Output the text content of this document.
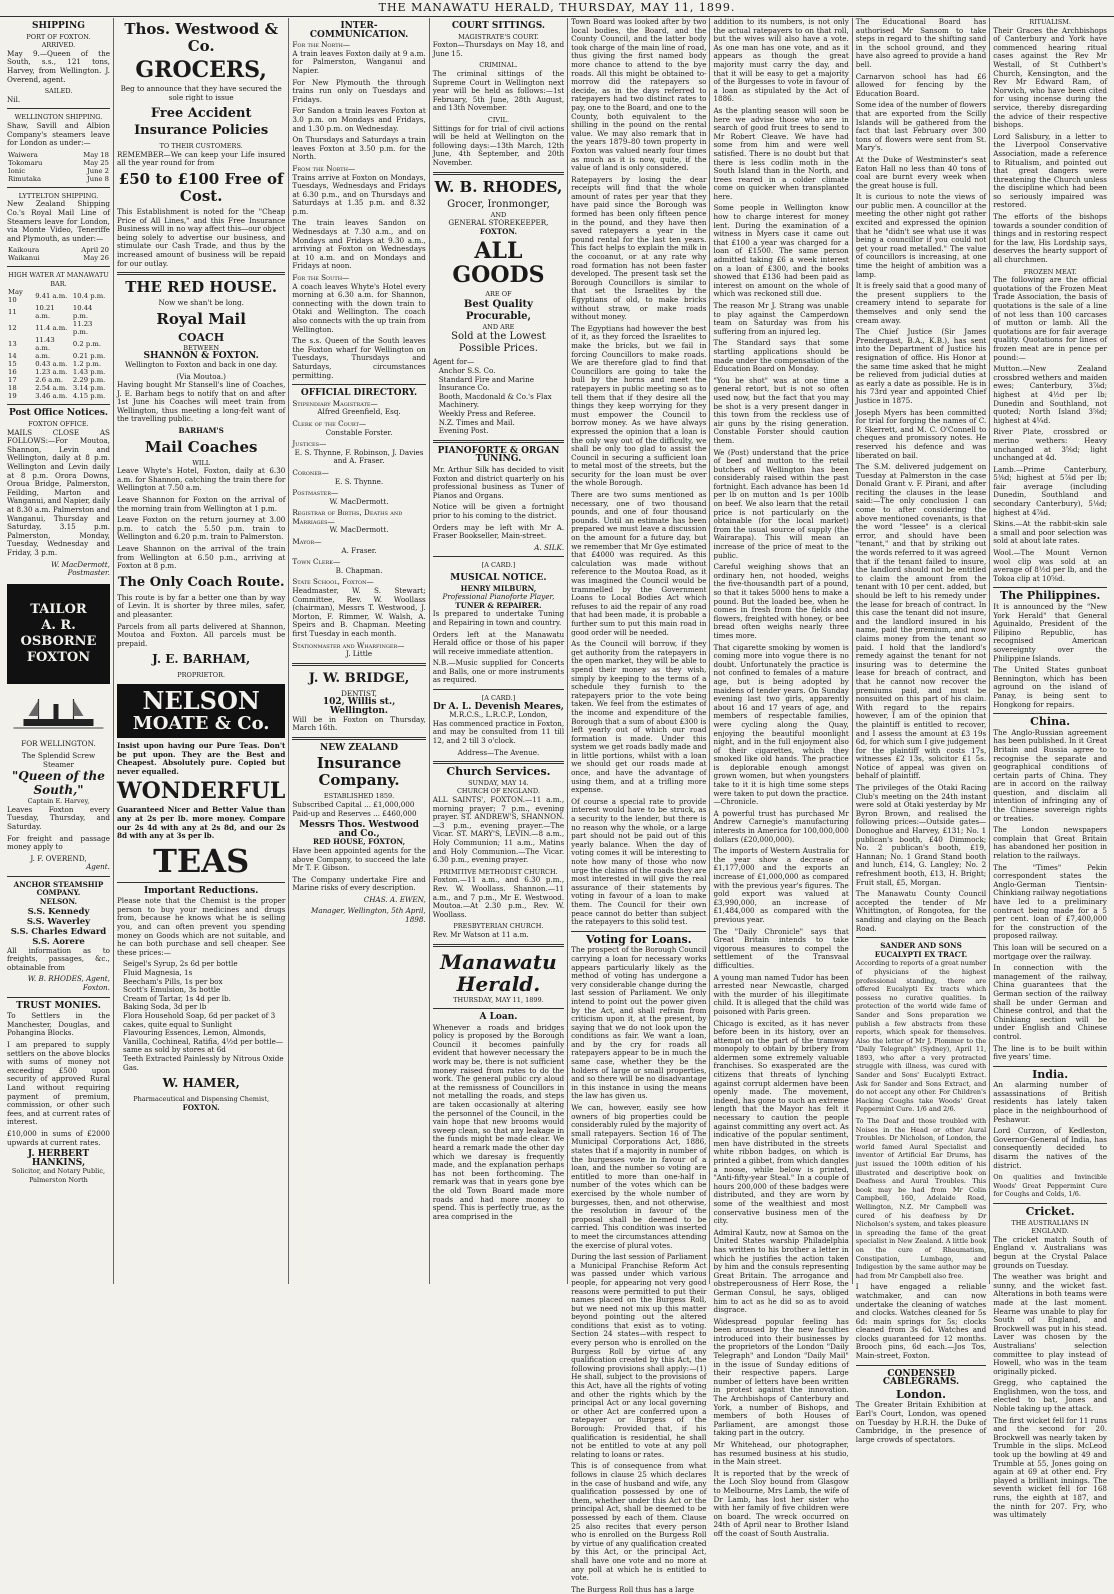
THE MANAWATU HERALD, THURSDAY, MAY 11, 1899.
SHIPPING
PORT OF FOXTON.
ARRIVED.

May 9.—Queen of the South, s.s., 121 tons, Harvey, from Wellington. J. Overend, agent.

SAILED.

Nil.

WELLINGTON SHIPPING.

Shaw, Savill and Albion Company's steamers leave for London as under:—

Waiwera	May 18
Tokomaru	May 25
Ionic	June 2
Rimutaka	June 8
LYTTELTON SHIPPING.

New Zealand Shipping Co.'s Royal Mail Line of Steamers leave for London, via Monte Video, Teneriffe and Plymouth, as under:—

Kaikoura	April 20
Waikanui	May 26
HIGH WATER AT MANAWATU BAR.
May 10	9.41 a.m.	10.4 p.m.
11	10.21 a.m.	10.44 p.m.
12	11.4 a.m.	11.23 p.m.
13	11.43 a.m.	0.2 p.m.
14	a.m.	0.21 p.m.
15	0.43 a.m.	1.2 p.m.
16	1.23 a.m.	1.43 p.m.
17	2.6 a.m.	2.29 p.m.
18	2.54 a.m.	3.14 p.m.
19	3.46 a.m.	4.15 p.m.
Post Office Notices.
FOXTON OFFICE.

MAILS CLOSE AS FOLLOWS:—For Moutoa, Shannon, Levin and Wellington, daily at 8 p.m. Wellington and Levin daily at 8 p.m. Orora Downs, Oroua Bridge, Palmerston, Feilding, Marton and Wanganui, and Napier, daily at 8.30 a.m. Palmerston and Wanganui, Thursday and Saturday, 3.15 p.m. Palmerston, Monday, Tuesday, Wednesday and Friday, 3 p.m.

W. MacDermott, Postmaster.
TAILOR
A. R. OSBORNE
FOXTON
FOR WELLINGTON.
The Splendid Screw Steamer
"Queen of the South,"
Captain E. Harvey,

Leaves Foxton every Tuesday, Thursday, and Saturday.

For freight and passage money apply to

J. F. OVEREND,
Agent.
ANCHOR STEAMSHIP COMPANY.
NELSON.
S.S. Kennedy
S.S. Waverley
S.S. Charles Edward
S.S. Aorere

All information as to freights, passages, &c., obtainable from

W. B. RHODES, Agent, Foxton.
TRUST MONIES.

To Settlers in the Manchester, Douglas, and Pohangina Blocks.

I am prepared to supply settlers on the above blocks with sums of money not exceeding £500 upon security of approved Rural Land without requiring payment of premium, commission, or other such fees, and at current rates of interest.

£10,000 in sums of £2000 upwards at current rates.

J. HERBERT HANKINS,
Solicitor, and Notary Public, Palmerston North
Thos. Westwood & Co.
GROCERS,

Beg to announce that they have secured the sole right to issue

Free Accident Insurance Policies
TO THEIR CUSTOMERS.

REMEMBER—We can keep your Life insured all the year round for from

£50 to £100 Free of Cost.

This Establishment is noted for the "Cheap Price of All Lines," and this Free Insurance Business will in no way affect this—our object being solely to advertise our business, and stimulate our Cash Trade, and thus by the increased amount of business will be repaid for our outlay.

THE RED HOUSE.
Now we shan't be long.
Royal Mail
COACH
BETWEEN
SHANNON & FOXTON.

Wellington to Foxton and back in one day.

(Via Moutoa.)

Having bought Mr Stansell's line of Coaches, J. E. Barham begs to notify that on and after 1st June his Coaches will meet train from Wellington, thus meeting a long-felt want of the travelling public.

BARHAM'S
Mail Coaches
WILL

Leave Whyte's Hotel, Foxton, daily at 6.30 a.m. for Shannon, catching the train there for Wellington at 7.50 a.m.

Leave Shannon for Foxton on the arrival of the morning train from Wellington at 1 p.m.

Leave Foxton on the return journey at 3.00 p.m. to catch the 5.50 p.m. train to Wellington and 6.20 p.m. train to Palmerston.

Leave Shannon on the arrival of the train from Wellington at 6.50 p.m., arriving at Foxton at 8 p.m.

The Only Coach Route.

This route is by far a better one than by way of Levin. It is shorter by three miles, safer, and pleasanter.

Parcels from all parts delivered at Shannon, Moutoa and Foxton. All parcels must be prepaid.

J. E. BARHAM,
PROPRIETOR.
NELSON
MOATE & Co.

Insist upon having our Pure Teas. Don't be put upon. They are the Best and Cheapest. Absolutely pure. Copied but never equalled.

WONDERFUL

Guaranteed Nicer and Better Value than any at 2s per lb. more money. Compare our 2s 4d with any at 2s 8d, and our 2s 8d with any at 3s per lb.

TEAS
Important Reductions.

Please note that the Chemist is the proper person to buy your medicines and drugs from, because he knows what he is selling you, and can often prevent you spending money on Goods which are not suitable, and he can both purchase and sell cheaper. See these prices:—

Seigel's Syrup, 2s 6d per bottle
Fluid Magnesia, 1s
Beecham's Pills, 1s per box
Scott's Emulsion, 3s bottle
Cream of Tartar, 1s 4d per lb.
Baking Soda, 3d per lb
Flora Household Soap, 6d per packet of 3 cakes, quite equal to Sunlight
Flavouring Essences, Lemon, Almonds, Vanilla, Cochineal, Ratifia, 4½d per bottle—same as sold by stores at 6d
Teeth Extracted Painlessly by Nitrous Oxide Gas.
W. HAMER,
Pharmaceutical and Dispensing Chemist,
FOXTON.
INTER-COMMUNICATION.
For the North—

A train leaves Foxton daily at 9 a.m. for Palmerston, Wanganui and Napier.

For New Plymouth the through trains run only on Tuesdays and Fridays.

For Sandon a train leaves Foxton at 3.0 p.m. on Mondays and Fridays, and 1.30 p.m. on Wednesday.

On Thursdays and Saturdays a train leaves Foxton at 3.50 p.m. for the North.

From the North—

Trains arrive at Foxton on Mondays, Tuesdays, Wednesdays and Fridays at 6.30 p.m., and on Thursdays and Saturdays at 1.35 p.m. and 8.32 p.m.

The train leaves Sandon on Wednesdays at 7.30 a.m., and on Mondays and Fridays at 9.30 a.m., arriving at Foxton on Wednesdays at 10 a.m. and on Mondays and Fridays at noon.

For the South—

A coach leaves Whyte's Hotel every morning at 6.30 a.m. for Shannon, connecting with the down train to Otaki and Wellington. The coach also connects with the up train from Wellington.

The s.s. Queen of the South leaves the Foxton wharf for Wellington on Tuesdays, Thursdays and Saturdays, circumstances permitting.

OFFICIAL DIRECTORY.
Stipendiary Magistrate—
Alfred Greenfield, Esq.
Clerk of the Court—
Constable Forster.
Justices—
E. S. Thynne, F. Robinson, J. Davies and A. Fraser.
Coroner—
E. S. Thynne.
Postmaster—
W. MacDermott.
Registrar of Births, Deaths and Marriages—
W. MacDermott.
Mayor—
A. Fraser.
Town Clerk—
B. Chapman.
State School, Foxton—
Headmaster, W. S. Stewart; Committee, Rev. W. Woollass (chairman), Messrs T. Westwood, J. Morton, F. Rimmer, W. Walsh, A. Speirs and B. Chapman. Meeting first Tuesday in each month.
Stationmaster and Wharfinger—
J. Little
J. W. BRIDGE,
DENTIST,
102, Willis st., Wellington.

Will be in Foxton on Thursday, March 16th.

NEW ZEALAND
Insurance Company.
ESTABLISHED 1859.
Subscribed Capital ... £1,000,000
Paid-up and Reserves ... £460,000
Messrs Thos. Westwood and Co.,
RED HOUSE, FOXTON,

Have been appointed agents for the above Company, to succeed the late Mr T. F. Gibson.

The Company undertake Fire and Marine risks of every description.

CHAS. A. EWEN,
Manager, Wellington, 5th April, 1898.
COURT SITTINGS.
MAGISTRATE'S COURT.

Foxton—Thursdays on May 18, and June 15.

CRIMINAL.

The criminal sittings of the Supreme Court in Wellington next year will be held as follows:—1st February, 5th June, 28th August, and 13th November.

CIVIL.

Sittings for for trial of civil actions will be held at Wellington on the following days:—13th March, 12th June, 4th September, and 20th November.

W. B. RHODES,
Grocer, Ironmonger,
AND
GENERAL STOREKEEPER,
FOXTON.
ALL GOODS
ARE OF
Best Quality Procurable,
AND ARE
Sold at the Lowest Possible Prices.
Agent for—
Anchor S.S. Co.
Standard Fire and Marine Insurance Co.
Booth, Macdonald & Co.'s Flax Machinery.
Weekly Press and Referee.
N.Z. Times and Mail.
Evening Post.
PIANOFORTE & ORGAN TUNING.

Mr. Arthur Silk has decided to visit Foxton and district quarterly on his professional business as Tuner of Pianos and Organs.

Notice will be given a fortnight prior to his coming to the district.

Orders may be left with Mr A. Fraser Bookseller, Main-street.

A. SILK.
[A CARD.]
MUSICAL NOTICE.
HENRY MILBURN,
Professional Pianoforte Player,
TUNER & REPAIRER.

Is prepared to undertake Tuning and Repairing in town and country.

Orders left at the Manawatu Herald office or those of his paper will receive immediate attention.

N.B.—Music supplied for Concerts and Balls, one or more instruments as required.

[A CARD.]
Dr A. L. Devenish Meares,
M.R.C.S., L.R.C.P., London,

Has commenced practice in Foxton, and may be consulted from 11 till 12, and 2 till 3 o'clock.

Address—The Avenue.
Church Services.
SUNDAY, MAY 14.
CHURCH OF ENGLAND.

ALL SAINTS', FOXTON.—11 a.m., morning prayer; 7 p.m., evening prayer. ST. ANDREW'S, SHANNON.—3 p.m., evening prayer.—The Vicar. ST. MARY'S, LEVIN.—8 a.m., Holy Communion; 11 a.m., Matins and Holy Communion.—The Vicar. 6.30 p.m., evening prayer.

PRIMITIVE METHODIST CHURCH.

Foxton.—11 a.m., and 6.30 p.m., Rev. W. Woollass. Shannon.—11 a.m., and 7 p.m., Mr E. Westwood. Moutoa.—At 2.30 p.m., Rev. W. Woollass.

PRESBYTERIAN CHURCH.

Rev. Mr Watson at 11 a.m.

Manawatu Herald.
THURSDAY, MAY 11, 1899.
A Loan.

Whenever a roads and bridges policy is proposed by the Borough Council it becomes painfully evident that however necessary the work may be, there is not sufficient money raised from rates to do the work. The general public cry aloud at the remissness of Councillors in not metalling the roads, and steps are taken occasionally at altering the personnel of the Council, in the vain hope that new brooms would sweep clean, so that any leakage in the funds might be made clear. We heard a remark made the other day which we daresay is frequently made, and the explanation perhaps has not been forthcoming. The remark was that in years gone bye the old Town Board made more roads and had more money to spend. This is perfectly true, as the area comprised in the

Town Board was looked after by two local bodies, the Board, and the County Council, and the latter body took charge of the main line of road, thus giving the first named body more chance to attend to the bye roads. All this might be obtained to-morrow did the ratepayers so decide, as in the days referred to ratepayers had two distinct rates to pay, one to the Board, and one to the County, both equivalent to the shilling in the pound on the rental value. We may also remark that in the years 1879–80 town property in Foxton was valued nearly four times as much as it is now, quite, if the value of land is only considered.

Ratepayers by losing the dear receipts will find that the whole amount of rates per year that they have paid since the Borough was formed has been only fifteen pence in the pound, and they have then saved ratepayers a year in the pound rental for the last ten years. This fact helps to explain the milk in the cocoanut, or at any rate why road formation has not been faster developed. The present task set the Borough Councillors is similar to that set the Israelites by the Egyptians of old, to make bricks without straw, or make roads without money.

The Egyptians had however the best of it, as they forced the Israelites to make the bricks, but we fail in forcing Councillors to make roads. We are therefore glad to find that Councillors are going to take the bull by the horns and meet the ratepayers in public meeting so as to tell them that if they desire all the things they keep worrying for they must empower the Council to borrow money. As we have always expressed the opinion that a loan is the only way out of the difficulty, we shall be only too glad to assist the Council in securing a sufficient loan to metal most of the streets, but the security for the loan must be over the whole Borough.

There are two sums mentioned as necessary, one of two thousand pounds, and one of four thousand pounds. Until an estimate has been prepared we must leave a discussion on the amount for a future day, but we remember that Mr Gye estimated that £4000 was required. As this calculation was made without reference to the Moutoa Road, as it was imagined the Council would be trammelled by the Government Loans to Local Bodies Act which refuses to aid the repair of any road that had been made, it is probable a further sum to put this main road in good order will be needed.

As the Council will borrow, if they get authority from the ratepayers in the open market, they will be able to spend their money as they wish, simply by keeping to the terms of a schedule they furnish to the ratepayers prior to the vote being taken. We feel from the estimates of the income and expenditure of the Borough that a sum of about £300 is left yearly out of which our road formation is made. Under this system we get roads badly made and in little portions, whilst with a loan we should get our roads made at once, and have the advantage of using them, and at a trifling more expense.

Of course a special rate to provide interest would have to be struck, as a security to the lender, but there is no reason why the whole, or a large part should not be paid out of this yearly balance. When the day of voting comes it will be interesting to note how many of those who now urge the claims of the roads they are most interested in will give the real assurance of their statements by voting in favour of a loan to make them. The Council for their own peace cannot do better than subject the ratepayers to this solid test.

Voting for Loans.

The prospect of the Borough Council carrying a loan for necessary works appears particularly likely as the method of voting has undergone a very considerable change during the last session of Parliament. We only intend to point out the power given by the Act, and shall refrain from criticism upon it, at the present, by saying that we do not look upon the conditions as fair. We want a loan, and by the cry for roads all ratepayers appear to be in much the same case, whether they be the holders of large or small properties, and so there will be no disadvantage in this instance in using the means the law has given us.

We can, however, easily see how owners of big properties could be considerably ruled by the majority of small ratepayers. Section 16 of The Municipal Corporations Act, 1886, states that if a majority in number of the burgesses vote in favour of a loan, and the number so voting are entitled to more than one-half in number of the votes which can be exercised by the whole number of burgesses, then, and not otherwise, the resolution in favour of the proposal shall be deemed to be carried. This condition was inserted to meet the circumstances attending the exercise of plural votes.

During the last session of Parliament a Municipal Franchise Reform Act was passed under which various people, for appearing not very good reasons were permitted to put their names placed on the Burgess Roll, but we need not mix up this matter beyond pointing out the altered conditions that exist as to voting. Section 24 states—with respect to every person who is enrolled on the Burgess Roll by virtue of any qualification created by this Act, the following provisions shall apply:—(1) He shall, subject to the provisions of this Act, have all the rights of voting and other the rights which by the principal Act or any local governing or other Act are conferred upon a ratepayer or Burgess of the Borough: Provided that, if his qualification is residential, he shall not be entitled to vote at any poll relating to loans or rates.

This is of consequence from what follows in clause 25 which declares in the case of husband and wife, any qualification possessed by one of them, whether under this Act or the principal Act, shall be deemed to be possessed by each of them. Clause 25 also recites that every person who is enrolled on the Burgess Roll by virtue of any qualification created by this Act, or the principal Act, shall have one vote and no more at any poll at which he is entitled to vote.

The Burgess Roll thus has a large

addition to its numbers, is not only the actual ratepayers to on that roll, but the wives will also have a vote. As one man has one vote, and as it appears as though the great majority must carry the day, and that it will be easy to get a majority of the Burgesses to vote in favour of a loan as stipulated by the Act of 1886.

As the planting season will soon be here we advise those who are in search of good fruit trees to send to Mr Robert Cleave. We have had some from him and were well satisfied. There is no doubt but that there is less codlin moth in the South Island than in the North, and trees reared in a colder climate come on quicker when transplanted here.

Some people in Wellington know how to charge interest for money lent. During the examination of a witness in Myers case it came out that £100 a year was charged for a loan of £1500. The same person admitted taking £6 a week interest on a loan of £300, and the books showed that £136 had been paid as interest on amount on the whole of which was reckoned still due.

The reason Mr J. Strang was unable to play against the Camperdown team on Saturday was from his suffering from an injured leg.

The Standard says that some startling applications should be made under the compensation of the Education Board on Monday.

"You be shot" was at one time a general retort, but is not so often used now, but the fact that you may be shot is a very present danger in this town from the reckless use of air guns by the rising generation. Constable Forster should caution them.

We (Post) understand that the price of beef and mutton to the retail butchers of Wellington has been considerably raised within the past fortnight. Each advance has been 1d per lb on mutton and 1s per 100lb on beef. We also learn that the retail price is not particularly on the obtainable (for the local market) from the usual source of supply (the Wairarapa). This will mean an increase of the price of meat to the public.

Careful weighing shows that an ordinary hen, not hooded, weighs the five-thousandth part of a pound, so that it takes 5000 hens to make a pound. But the loaded bee, when he comes in fresh from the fields and flowers, freighted with honey, or bee bread often weighs nearly three times more.

That cigarette smoking by women is coming more into vogue there is no doubt. Unfortunately the practice is not confined to females of a mature age, but is being adopted by maidens of tender years. On Sunday evening last two girls, apparently about 16 and 17 years of age, and members of respectable families, were cycling along the Quay, enjoying the beautiful moonlight night, and in the full enjoyment also of their cigarettes, which they smoked like old hands. The practice is deplorable enough amongst grown women, but when youngsters take to it it is high time some steps were taken to put down the practice.—Chronicle.

A powerful trust has purchased Mr Andrew Carnegie's manufacturing interests in America for 100,000,000 dollars (£20,000,000).

The imports of Western Australia for the year show a decrease of £1,177,000 and the exports an increase of £1,000,000 as compared with the previous year's figures. The gold export was valued at £3,990,000, an increase of £1,484,000 as compared with the previous year.

The "Daily Chronicle" says that Great Britain intends to take vigorous measures to compel the settlement of the Transvaal difficulties.

A young man named Tudor has been arrested near Newcastle, charged with the murder of his illegitimate child. It is alleged that the child was poisoned with Paris green.

Chicago is excited, as it has never before been in its history, over an attempt on the part of the tramway monopoly to obtain by bribery from aldermen some extremely valuable franchises. So exasperated are the citizens that threats of lynching against corrupt aldermen have been openly made. The movement, indeed, has gone to such an extreme length that the Mayor has felt it necessary to caution the people against committing any overt act. As indicative of the popular sentiment, men have distributed in the streets white ribbon badges, on which is printed a gibbet, from which dangles a noose, while below is printed, "Anti-fifty-year Steal." In a couple of hours 200,000 of these badges were distributed, and they are worn by some of the wealthiest and most conservative business men of the city.

Admiral Kautz, now at Samoa on the United States warship Philadelphia has written to his brother a letter in which he justifies the action taken by him and the consuls representing Great Britain. The arrogance and obstreperousness of Herr Rose, the German Consul, he says, obliged him to act as he did so as to avoid disgrace.

Widespread popular feeling has been aroused by the new faculties introduced into their businesses by the proprietors of the London "Daily Telegraph" and London "Daily Mail" in the issue of Sunday editions of their respective papers. Large number of letters have been written in protest against the innovation. The Archbishops of Canterbury and York, a number of Bishops, and members of both Houses of Parliament, are amongst those taking part in the outcry.

Mr Whitehead, our photographer, has resumed business at his studio, in the Main street.

It is reported that by the wreck of the Loch Sloy bound from Glasgow to Melbourne, Mrs Lamb, the wife of Dr Lamb, has lost her sister who with her family of five children were on board. The wreck occurred on 24th of April near to Brother Island off the coast of South Australia.

The Educational Board has authorised Mr Sansom to take steps in regard to the shifting sand in the school ground, and they have also agreed to provide a hand bell.

Carnarvon school has had £6 allowed for fencing by the Education Board.

Some idea of the number of flowers that are exported from the Scilly Islands will be gathered from the fact that last February over 300 tons of flowers were sent from St. Mary's.

At the Duke of Westminster's seat Eaton Hall no less than 40 tons of coal are burnt every week when the great house is full.

It is curious to note the views of our public men. A councillor at the meeting the other night got rather excited and expressed the opinion that he "didn't see what use it was being a councillor if you could not get your road metalled." The value of councillors is increasing, at one time the height of ambition was a lamp.

It is freely said that a good many of the present suppliers to the creamery intend to separate for themselves and only send the cream away.

The Chief Justice (Sir James Prendergast, B.A., K.B.), has sent into the Department of Justice his resignation of office. His Honor at the same time asked that he might be relieved from judicial duties at as early a date as possible. He is in his 73rd year and appointed Chief Justice in 1875.

Joseph Myers has been committed for trial for forging the names of C. P. Skerrett, and M. C. O'Connell to cheques and promissory notes. He reserved his defence and was liberated on bail.

The S.M. delivered judgement on Tuesday at Palmerston in the case Donald Grant v. F. Pirani, and after reciting the clauses in the lease said:—The only conclusion I can come to after considering the above mentioned covenants, is that the word "lessee" is a clerical error, and should have been "tenant," and that by striking out the words referred to it was agreed that if the tenant failed to insure, the landlord should not be entitled to claim the amount from the tenant with 10 per cent. added, but should be left to his remedy under the lease for breach of contract. In this case the tenant did not insure, and the landlord insured in his name, paid the premium, and now claims money from the tenant so paid. I hold that the landlord's remedy against the tenant for not insuring was to determine the lease for breach of contract, and that he cannot now recover the premiums paid, and must be nonsuited on this part of his claim. With regard to the repairs however, I am of the opinion that the plaintiff is entitled to recover, and I assess the amount at £3 19s 6d, for which sum I give judgement for the plaintiff with costs 17s, witnesses £2 13s, solicitor £1 5s. Notice of appeal was given on behalf of plaintiff.

The privileges of the Otaki Racing Club's meeting on the 24th instant were sold at Otaki yesterday by Mr Byron Brown, and realised the following prices:—Outside gates—Donoghue and Harvey, £131; No. 1 publican's booth, £40 Dimmock; No. 2 publican's booth, £19, Hannan; No. 1 Grand Stand booth and lunch, £14, G. Langley; No. 2 refreshment booth, £13, H. Bright; Fruit stall, £5, Morgan.

The Manawatu County Council accepted the tender of Mr Whittington, of Rongotea, for the sanding and claying on the Beach Road.

SANDER AND SONS EUCALYPTI EX TRACT.

According to reports of a great number of physicians of the highest professional standing, there are offered Eucalypti Ex tracts which possess no curative qualities. In protection of the world wide fame of Sander and Sons preparation we publish a few abstracts from these reports, which speak for themselves. Also the letter of Mr J. Plommer to the "Daily Telegraph" (Sydney), April 11, 1893, who after a very protracted struggle with illness, was cured with Sander and Sons' Eucalypti Extract. Ask for Sander and Sons Extract, and do not accept any other. For Children's Hacking Coughs take Woods' Great Peppermint Cure. 1/6 and 2/6.

To The Deaf and those troubled with Noises in the Head or other Aural Troubles. Dr Nicholson, of London, the world famed Aural Specialist and inventor of Artificial Ear Drums, has just issued the 100th edition of his illustrated and descriptive book on Deafness and Aural Troubles. This book may be had from Mr Colin Campbell, 160, Adelaide Road, Wellington, N.Z. Mr Campbell was cured of his deafness by Dr Nicholson's system, and takes pleasure in spreading the fame of the great specialist in New Zealand. A little book on the cure of Rheumatism, Constipation, Lumbago, and Indigestion by the same author may be had from Mr Campbell also free.

I have engaged a reliable watchmaker, and can now undertake the cleaning of watches and clocks. Watches cleaned for 5s 6d: main springs for 5s; clocks cleaned from 3s 6d. Watches and clocks guaranteed for 12 months. Brooch pins, 6d each.—Jos Tos, Main-street, Foxton.

CONDENSED CABLEGRAMS.
London.

The Greater Britain Exhibition at Earl's Court, London, was opened on Tuesday by H.R.H. the Duke of Cambridge, in the presence of large crowds of spectators.

RITUALISM.

Their Graces the Archbishops of Canterbury and York have commenced hearing ritual cases against the Rev Mr Westall, of St Cuthbert's Church, Kensington, and the Rev Mr Edward Ram, of Norwich, who have been cited for using incense during the service, thereby disregarding the advice of their respective bishops.

Lord Salisbury, in a letter to the Liverpool Conservative Association, made a reference to Ritualism, and pointed out that great dangers were threatening the Church unless the discipline which had been so seriously impaired was restored.

The efforts of the bishops towards a sounder condition of things and in restoring respect for the law, His Lordship says, deserves the hearty support of all churchmen.

FROZEN MEAT.

The following are the official quotations of the Frozen Meat Trade Association, the basis of quotations is the sale of a line of not less than 100 carcases of mutton or lamb. All the quotations are for fair average quality. Quotations for lines of frozen meat are in pence per pound:—

Mutton.—New Zealand crossbred wethers and maiden ewes; Canterbury, 3⅞d; highest at 4½d per lb; Dunedin and Southland, not quoted; North Island 3⅝d; highest at 4¼d.

River Plate, crossbred or merino wethers: Heavy unchanged at 3⅝d; light unchanged at 4d.

Lamb.—Prime Canterbury, 5⅜d; highest at 5⅞d per lb; fair average (including Dunedin, Southland and secondary Canterbury), 5⅛d; highest at 4⅞d.

Skins.—At the rabbit-skin sale a small and poor selection was sold at about late rates.

Wool.—The Mount Vernon wool clip was sold at an average of 8½d per lb, and the Tokoa clip at 10⅝d.

The Philippines.

It is announced by the "New York Herald" that General Aguinaldo, President of the Filipino Republic, has recognised American sovereignty over the Philippine Islands.

The United States gunboat Bennington, which has been aground on the island of Panay, is being sent to Hongkong for repairs.

China.

The Anglo-Russian agreement has been published. In it Great Britain and Russia agree to recognise the separate and geographical conditions of certain parts of China. They are in accord on the railway question, and disclaim all intention of infringing any of the Chinese sovereign rights or treaties.

The London newspapers complain that Great Britain has abandoned her position in relation to the railways.

The "Times" Pekin correspondent states the Anglo-German Tientsin-Chinkiang railway negotiations have led to a preliminary contract being made for a 5 per cent. loan of £7,400,000 for the construction of the proposed railway.

This loan will be secured on a mortgage over the railway.

In connection with the management of the railway, China guarantees that the German section of the railway shall be under German and Chinese control, and that the Chinkiang section will be under English and Chinese control.

The line is to be built within five years' time.

India.

An alarming number of assassinations of British residents has lately taken place in the neighbourhood of Peshawur.

Lord Curzon, of Kedleston, Governor-General of India, has consequently decided to disarm the natives of the district.

On qualities and Invincible Woods' Great Peppermint Cure for Coughs and Colds, 1/6.

Cricket.
THE AUSTRALIANS IN ENGLAND.

The cricket match South of England v. Australians was begun at the Crystal Palace grounds on Tuesday.

The weather was bright and sunny, and the wicket fast. Alterations in both teams were made at the last moment. Hearne was unable to play for South of England, and Brockwell was put in his stead. Laver was chosen by the Australians' selection committee to play instead of Howell, who was in the team originally picked.

Gregg, who captained the Englishmen, won the toss, and elected to bat, Jones and Noble taking up the attack.

The first wicket fell for 11 runs and the second for 20. Brockwell was nearly taken by Trumble in the slips. McLeod took up the bowling at 49 and Trumble at 55, Jones going on again at 69 at other end. Fry played a brilliant innings. The seventh wicket fell for 168 runs, the eighth at 187, and the ninth for 207. Fry, who was ultimately
